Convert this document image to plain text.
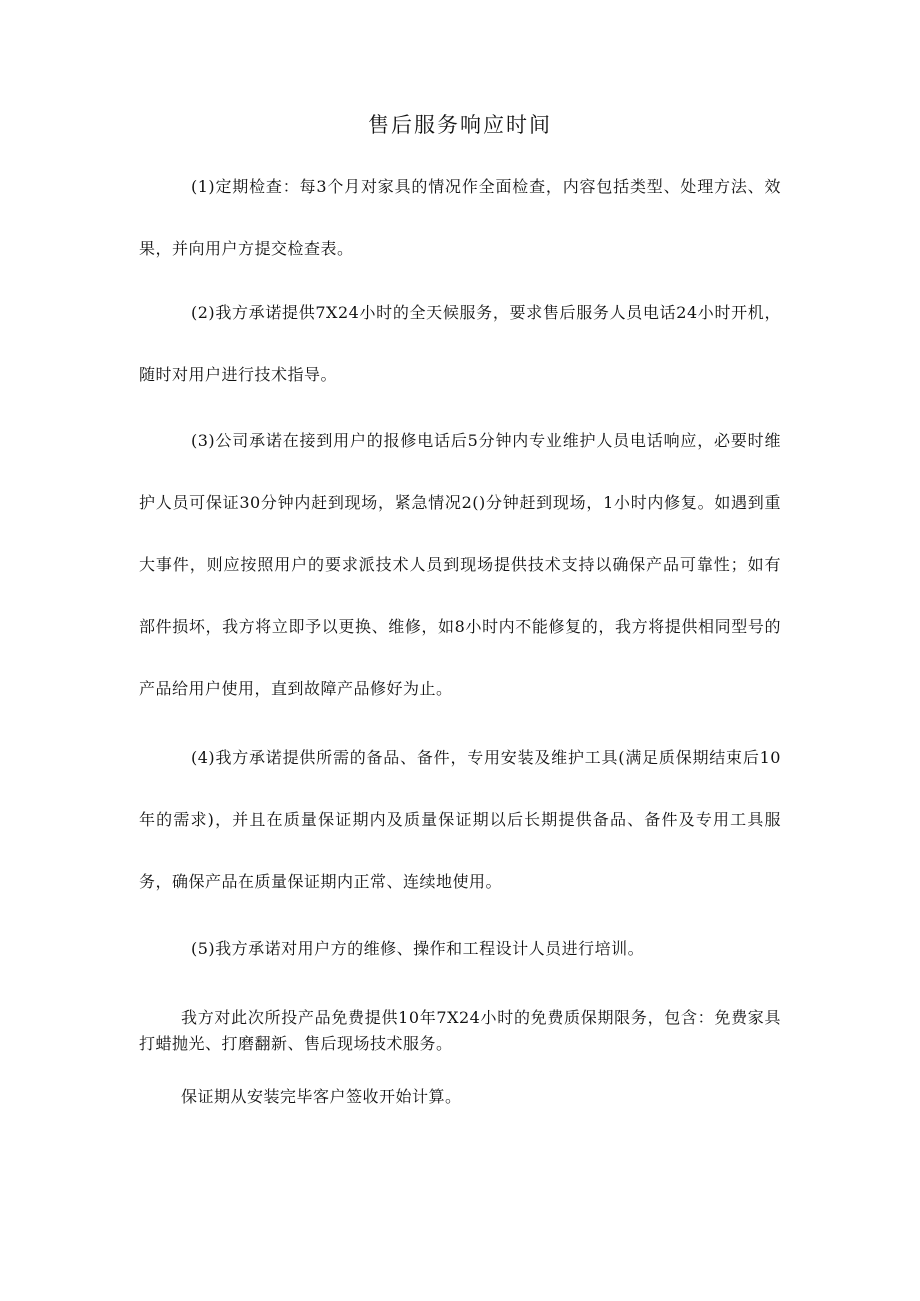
售后服务响应时间
(1)定期检查：每3个月对家具的情况作全面检查，内容包括类型、处理方法、效果，并向用户方提交检查表。
(2)我方承诺提供7X24小时的全天候服务，要求售后服务人员电话24小时开机，随时对用户进行技术指导。
(3)公司承诺在接到用户的报修电话后5分钟内专业维护人员电话响应，必要时维护人员可保证30分钟内赶到现场，紧急情况2()分钟赶到现场，1小时内修复。如遇到重大事件，则应按照用户的要求派技术人员到现场提供技术支持以确保产品可靠性；如有部件损坏，我方将立即予以更换、维修，如8小时内不能修复的，我方将提供相同型号的产品给用户使用，直到故障产品修好为止。
(4)我方承诺提供所需的备品、备件，专用安装及维护工具(满足质保期结束后10年的需求)，并且在质量保证期内及质量保证期以后长期提供备品、备件及专用工具服务，确保产品在质量保证期内正常、连续地使用。
(5)我方承诺对用户方的维修、操作和工程设计人员进行培训。
我方对此次所投产品免费提供10年7X24小时的免费质保期限务，包含：免费家具打蜡抛光、打磨翻新、售后现场技术服务。
保证期从安装完毕客户签收开始计算。
